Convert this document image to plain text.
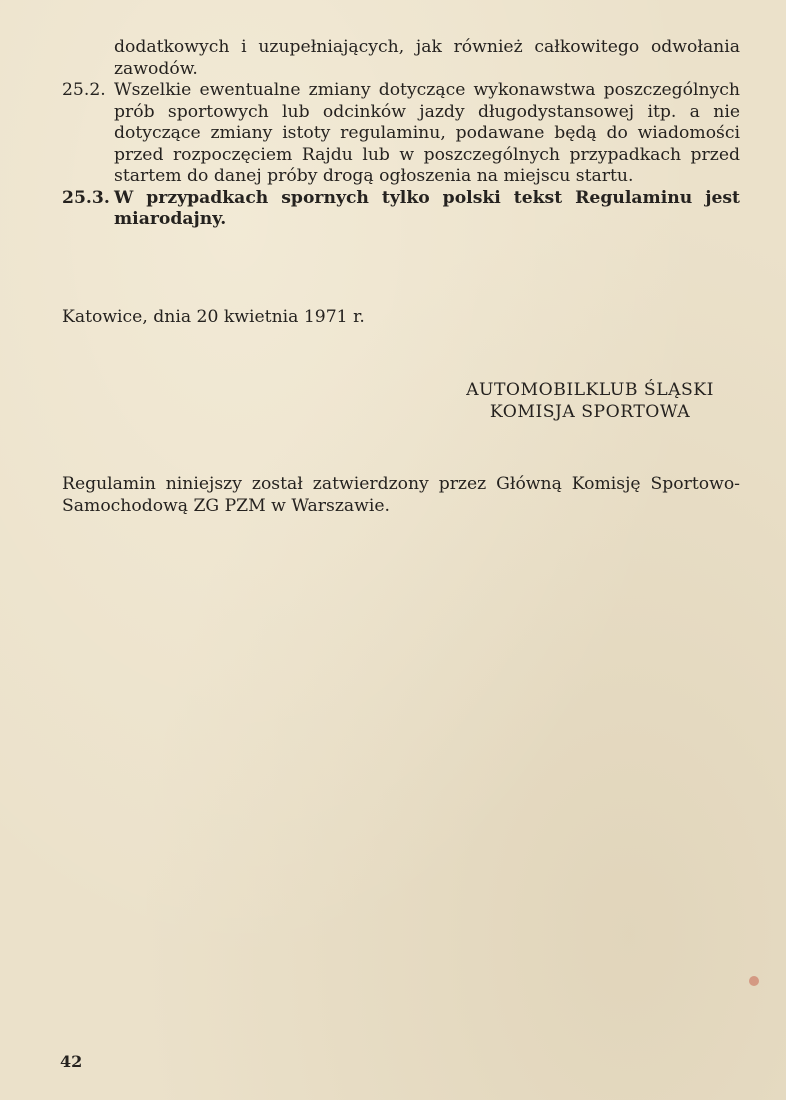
dodatkowych i uzupełniających, jak również całkowitego odwołania zawodów.
25.2. Wszelkie ewentualne zmiany dotyczące wykonawstwa poszczególnych prób sportowych lub odcinków jazdy długodystansowej itp. a nie dotyczące zmiany istoty regulaminu, podawane będą do wiadomości przed rozpoczęciem Rajdu lub w poszczególnych przypadkach przed startem do danej próby drogą ogłoszenia na miejscu startu.
25.3. W przypadkach spornych tylko polski tekst Regulaminu jest miarodajny.
Katowice, dnia 20 kwietnia 1971 r.
AUTOMOBILKLUB ŚLĄSKI
KOMISJA SPORTOWA
Regulamin niniejszy został zatwierdzony przez Główną Komisję Sportowo-Samochodową ZG PZM w Warszawie.
42
